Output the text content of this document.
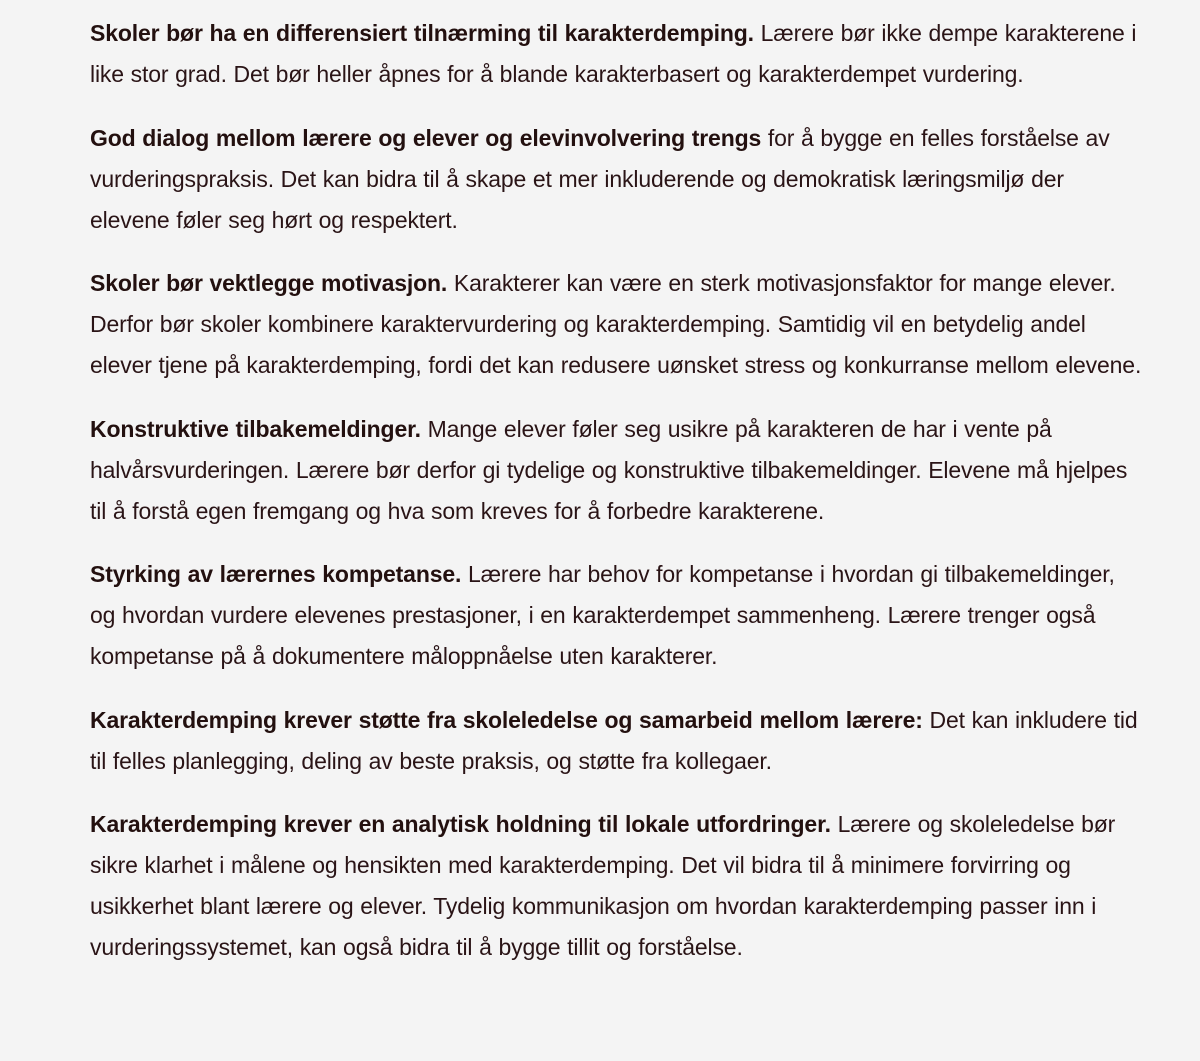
Skoler bør ha en differensiert tilnærming til karakterdemping. Lærere bør ikke dempe karakterene i like stor grad. Det bør heller åpnes for å blande karakterbasert og karakterdempet vurdering.

God dialog mellom lærere og elever og elevinvolvering trengs for å bygge en felles forståelse av vurderingspraksis. Det kan bidra til å skape et mer inkluderende og demokratisk læringsmiljø der elevene føler seg hørt og respektert.

Skoler bør vektlegge motivasjon. Karakterer kan være en sterk motivasjonsfaktor for mange elever. Derfor bør skoler kombinere karaktervurdering og karakterdemping. Samtidig vil en betydelig andel elever tjene på karakterdemping, fordi det kan redusere uønsket stress og konkurranse mellom elevene.

Konstruktive tilbakemeldinger. Mange elever føler seg usikre på karakteren de har i vente på halvårsvurderingen. Lærere bør derfor gi tydelige og konstruktive tilbakemeldinger. Elevene må hjelpes til å forstå egen fremgang og hva som kreves for å forbedre karakterene.

Styrking av lærernes kompetanse. Lærere har behov for kompetanse i hvordan gi tilbakemeldinger, og hvordan vurdere elevenes prestasjoner, i en karakterdempet sammenheng. Lærere trenger også kompetanse på å dokumentere måloppnåelse uten karakterer.

Karakterdemping krever støtte fra skoleledelse og samarbeid mellom lærere: Det kan inkludere tid til felles planlegging, deling av beste praksis, og støtte fra kollegaer.

Karakterdemping krever en analytisk holdning til lokale utfordringer. Lærere og skoleledelse bør sikre klarhet i målene og hensikten med karakterdemping. Det vil bidra til å minimere forvirring og usikkerhet blant lærere og elever. Tydelig kommunikasjon om hvordan karakterdemping passer inn i vurderingssystemet, kan også bidra til å bygge tillit og forståelse.
